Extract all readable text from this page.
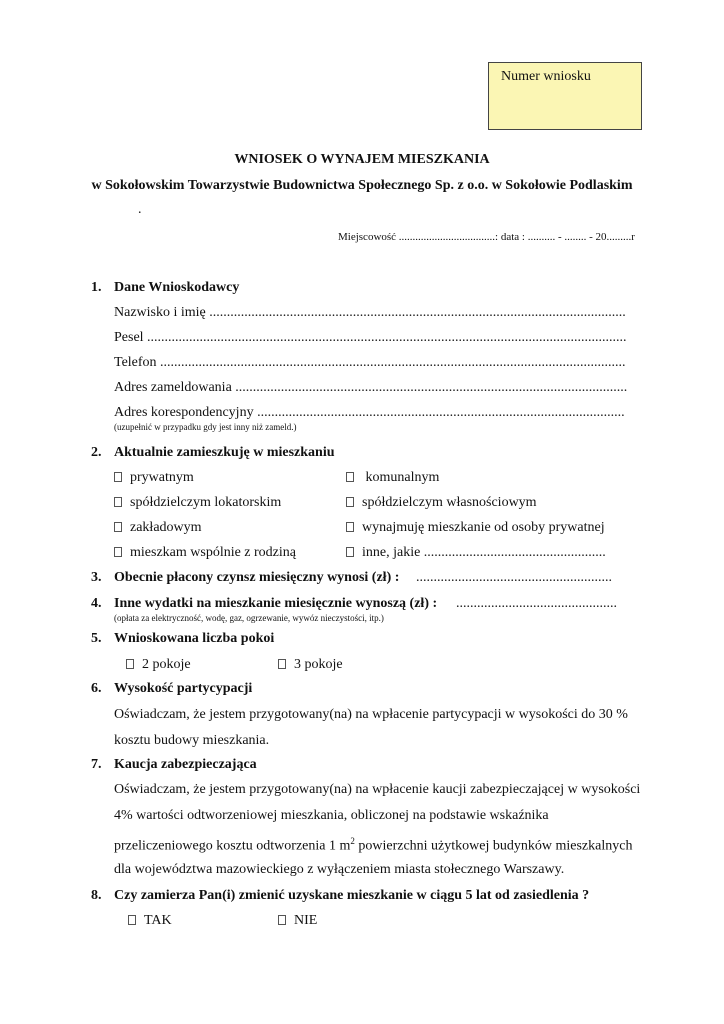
Numer wniosku
WNIOSEK O WYNAJEM MIESZKANIA
w Sokołowskim Towarzystwie Budownictwa Społecznego Sp. z o.o. w Sokołowie Podlaskim
.
Miejscowość ...................................: data : .......... - ........ - 20.........r
1. Dane Wnioskodawcy
Nazwisko i imię .......................................................................................................................
Pesel .........................................................................................................................................
Telefon .....................................................................................................................................
Adres zameldowania ................................................................................................................
Adres korespondencyjny .........................................................................................................
(uzupełnić w przypadku gdy jest inny niż zameld.)
2. Aktualnie zamieszkuję w mieszkaniu
prywatnym	komunalnym
spółdzielczym lokatorskim	spółdzielczym własnościowym
zakładowym	wynajmuję mieszkanie od osoby prywatnej
mieszkam wspólnie z rodziną	inne, jakie ....................................................
3. Obecnie płacony czynsz miesięczny wynosi (zł) : ........................................................
4. Inne wydatki na mieszkanie miesięcznie wynoszą (zł) : ..............................................
(opłata za elektryczność, wodę, gaz, ogrzewanie, wywóz nieczystości, itp.)
5. Wnioskowana liczba pokoi
2 pokoje	3 pokoje
6. Wysokość partycypacji
Oświadczam, że jestem przygotowany(na) na wpłacenie partycypacji w wysokości do 30 %
kosztu budowy mieszkania.
7. Kaucja zabezpieczająca
Oświadczam, że jestem przygotowany(na) na wpłacenie kaucji zabezpieczającej w wysokości
4% wartości odtworzeniowej mieszkania, obliczonej na podstawie wskaźnika
przeliczeniowego kosztu odtworzenia 1 $m^2$ powierzchni użytkowej budynków mieszkalnych
dla województwa mazowieckiego z wyłączeniem miasta stołecznego Warszawy.
8. Czy zamierza Pan(i) zmienić uzyskane mieszkanie w ciągu 5 lat od zasiedlenia ?
TAK	NIE
